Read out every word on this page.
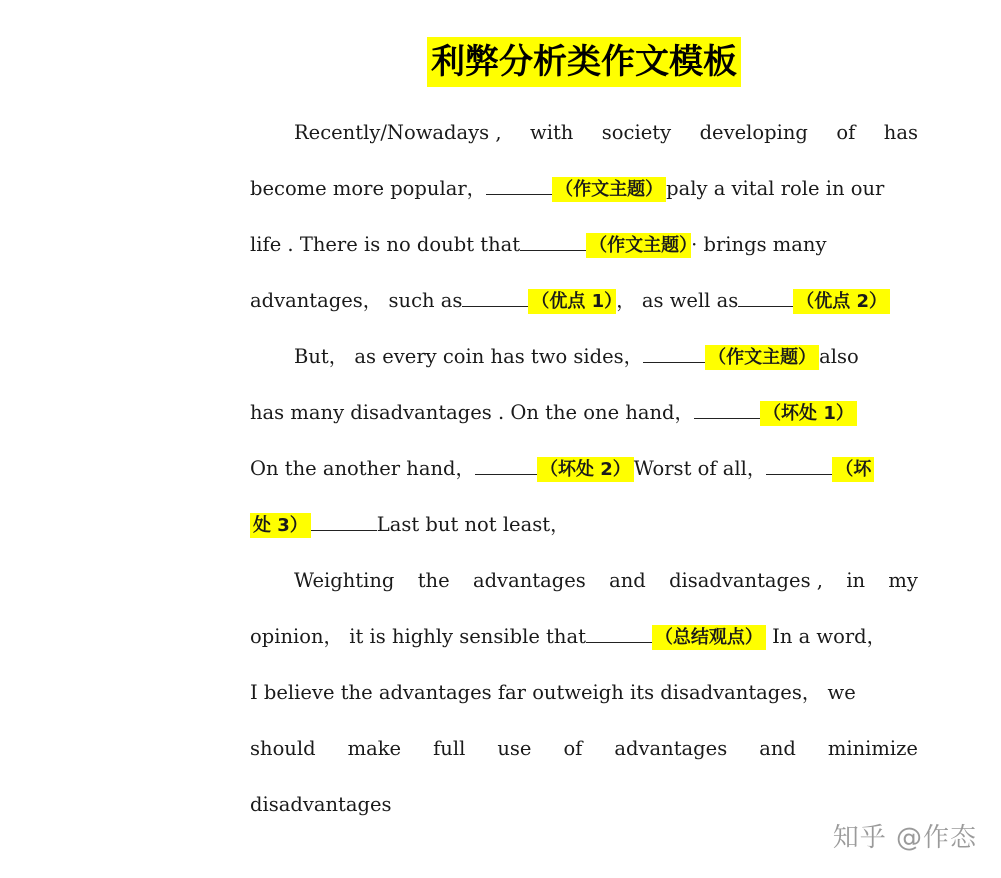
利弊分析类作文模板
Recently/Nowadays , with society developing of has
become more popular，	（作文主题） paly a vital role in our
life . There is no doubt that	（作文主题） · brings many
advantages， such as	（优点 1） ， as well as	（优点 2）
But， as every coin has two sides，	（作文主题） also
has many disadvantages . On the one hand，	（坏处 1）
On the another hand，	（坏处 2） Worst of all，	（坏
处 3）	Last but not least，
Weighting the advantages and disadvantages , in my
opinion， it is highly sensible that	（总结观点） In a word，
I believe the advantages far outweigh its disadvantages， we
should make full use of advantages and minimize
disadvantages
知乎 @作态
